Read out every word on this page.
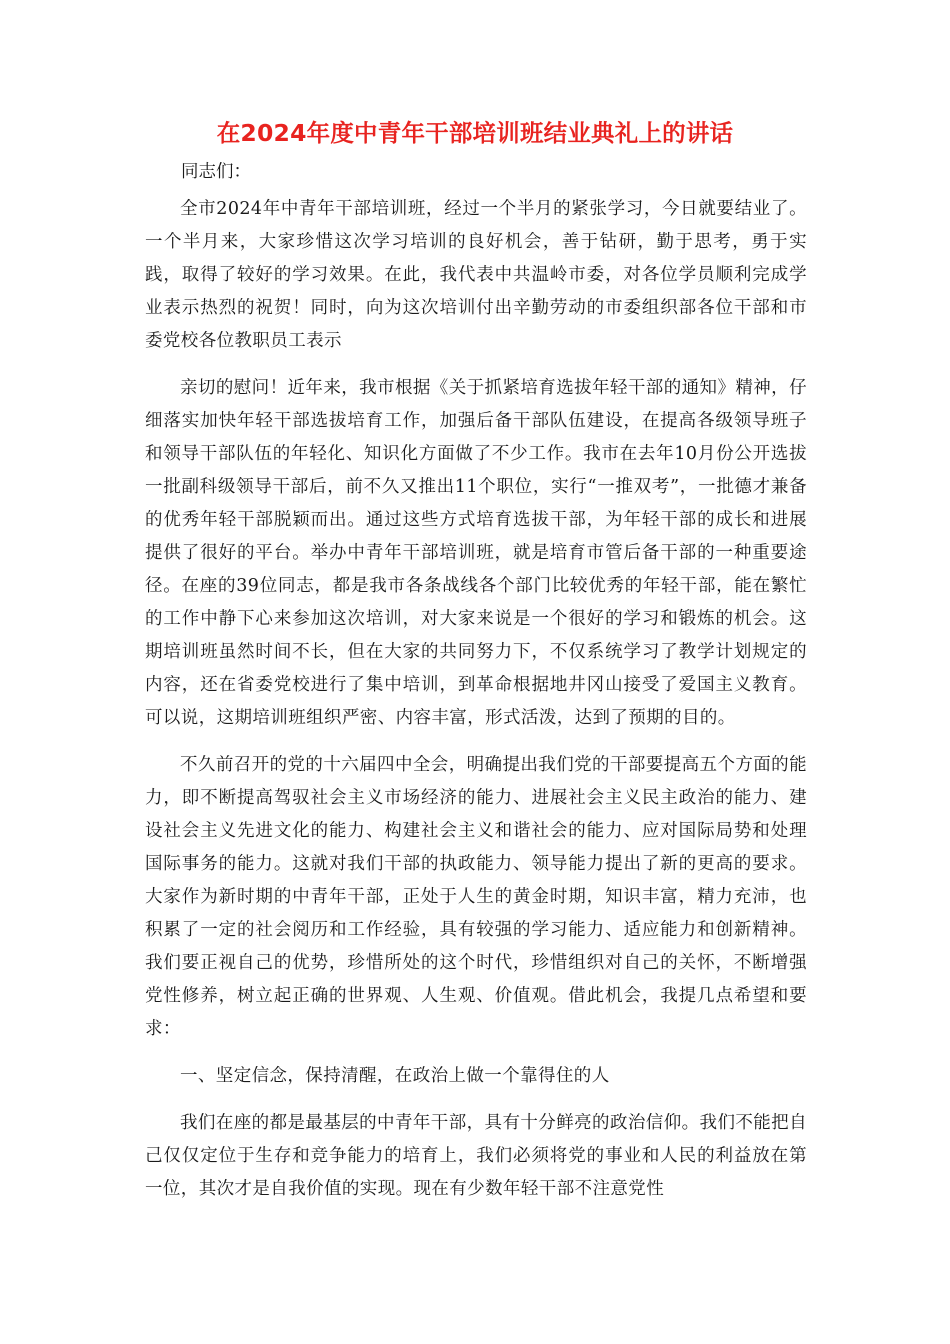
在2024年度中青年干部培训班结业典礼上的讲话

同志们：

全市2024年中青年干部培训班，经过一个半月的紧张学习，今日就要结业了。一个半月来，大家珍惜这次学习培训的良好机会，善于钻研，勤于思考，勇于实践，取得了较好的学习效果。在此，我代表中共温岭市委，对各位学员顺利完成学业表示热烈的祝贺！同时，向为这次培训付出辛勤劳动的市委组织部各位干部和市委党校各位教职员工表示

亲切的慰问！近年来，我市根据《关于抓紧培育选拔年轻干部的通知》精神，仔细落实加快年轻干部选拔培育工作，加强后备干部队伍建设，在提高各级领导班子和领导干部队伍的年轻化、知识化方面做了不少工作。我市在去年10月份公开选拔一批副科级领导干部后，前不久又推出11个职位，实行“一推双考”，一批德才兼备的优秀年轻干部脱颖而出。通过这些方式培育选拔干部，为年轻干部的成长和进展提供了很好的平台。举办中青年干部培训班，就是培育市管后备干部的一种重要途径。在座的39位同志，都是我市各条战线各个部门比较优秀的年轻干部，能在繁忙的工作中静下心来参加这次培训，对大家来说是一个很好的学习和锻炼的机会。这期培训班虽然时间不长，但在大家的共同努力下，不仅系统学习了教学计划规定的内容，还在省委党校进行了集中培训，到革命根据地井冈山接受了爱国主义教育。可以说，这期培训班组织严密、内容丰富，形式活泼，达到了预期的目的。

不久前召开的党的十六届四中全会，明确提出我们党的干部要提高五个方面的能力，即不断提高驾驭社会主义市场经济的能力、进展社会主义民主政治的能力、建设社会主义先进文化的能力、构建社会主义和谐社会的能力、应对国际局势和处理国际事务的能力。这就对我们干部的执政能力、领导能力提出了新的更高的要求。大家作为新时期的中青年干部，正处于人生的黄金时期，知识丰富，精力充沛，也积累了一定的社会阅历和工作经验，具有较强的学习能力、适应能力和创新精神。我们要正视自己的优势，珍惜所处的这个时代，珍惜组织对自己的关怀，不断增强党性修养，树立起正确的世界观、人生观、价值观。借此机会，我提几点希望和要求：

一、坚定信念，保持清醒，在政治上做一个靠得住的人

我们在座的都是最基层的中青年干部，具有十分鲜亮的政治信仰。我们不能把自己仅仅定位于生存和竞争能力的培育上，我们必须将党的事业和人民的利益放在第一位，其次才是自我价值的实现。现在有少数年轻干部不注意党性
